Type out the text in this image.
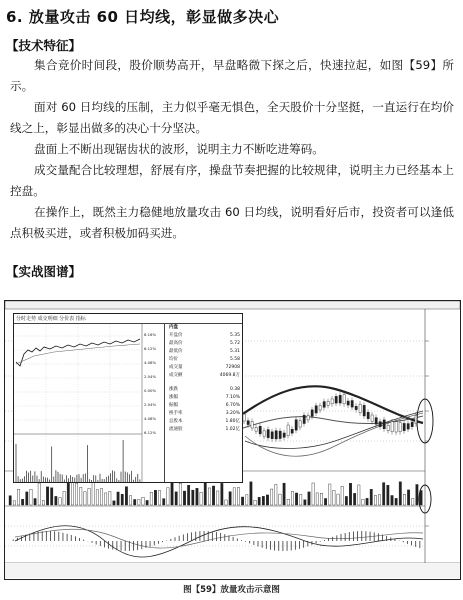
6. 放量攻击 60 日均线，彰显做多决心
【技术特征】

集合竞价时间段，股价顺势高开，早盘略微下探之后，快速拉起，如图【59】所示。

面对 60 日均线的压制，主力似乎毫无惧色，全天股价十分坚挺，一直运行在均价线之上，彰显出做多的决心十分坚决。

盘面上不断出现锯齿状的波形，说明主力不断吃进筹码。

成交量配合比较理想，舒展有序，操盘节奏把握的比较规律，说明主力已经基本上控盘。

在操作上，既然主力稳健地放量攻击 60 日均线，说明看好后市，投资者可以逢低点积极买进，或者积极加码买进。

【实战图谱】
分时走势 成交明细 分价表 指标
8.16%
6.12%
4.08%
2.04%
0.00%
2.04%
4.08%
6.12%
内盘
开盘价	5.35
最高价	5.72
最低价	5.31
均价	5.58
成交量	72908
成交额	4069.8万
涨跌	0.38
涨幅	7.10%
振幅	6.70%
换手率	3.20%
总股本	1.80亿
流通股	1.02亿
图【59】放量攻击示意图
